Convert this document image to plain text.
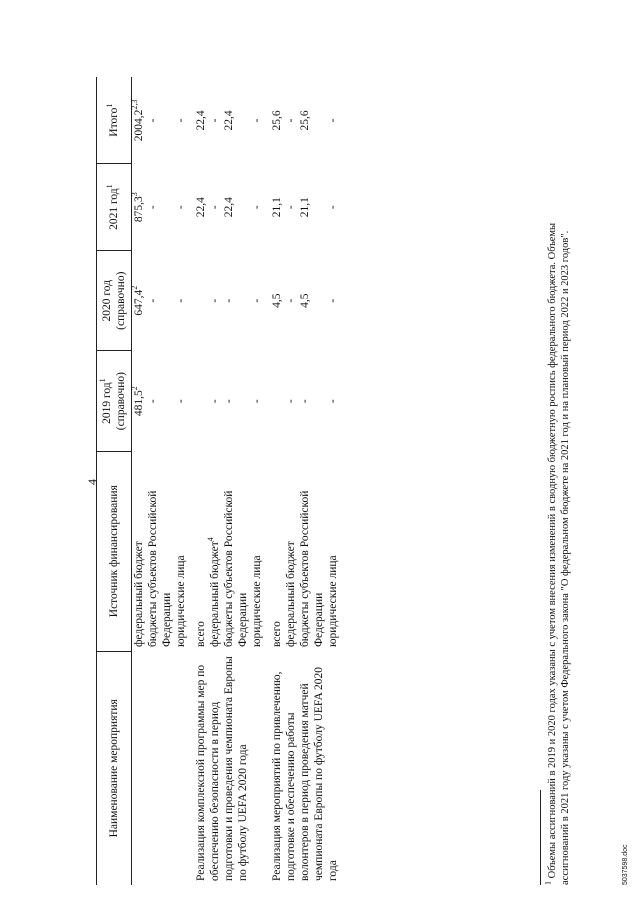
4
Наименование мероприятия	Источник финансирования	2019 год$^1$ (справочно)	2020 год (справочно)	2021 год$^1$	Итого$^1$
	федеральный бюджет	481,5$^2$	647,4$^2$	875,3$^3$	2004,2$^{2,3}$
	бюджеты субъектов Российской Федерации	-	-	-	-
	юридические лица	-	-	-	-

Реализация комплексной программы мер по обеспечению безопасности в период подготовки и проведения чемпионата Европы по футболу UEFA 2020 года	всего			22,4	22,4
	федеральный бюджет$^4$	-	-	-	-
	бюджеты субъектов Российской Федерации	-	-	22,4	22,4
	юридические лица	-	-	-	-

Реализация мероприятий по привлечению, подготовке и обеспечению работы волонтеров в период проведения матчей чемпионата Европы по футболу UEFA 2020 года	всего		4,5	21,1	25,6
	федеральный бюджет	-	-	-	-
	бюджеты субъектов Российской Федерации	-	4,5	21,1	25,6
	юридические лица	-	-	-	-

$^1$ Объемы ассигнований в 2019 и 2020 годах указаны с учетом внесения изменений в сводную бюджетную роспись федерального бюджета. Объемы ассигнований в 2021 году указаны с учетом Федерального закона "О федеральном бюджете на 2021 год и на плановый период 2022 и 2023 годов".	5037598.doc
